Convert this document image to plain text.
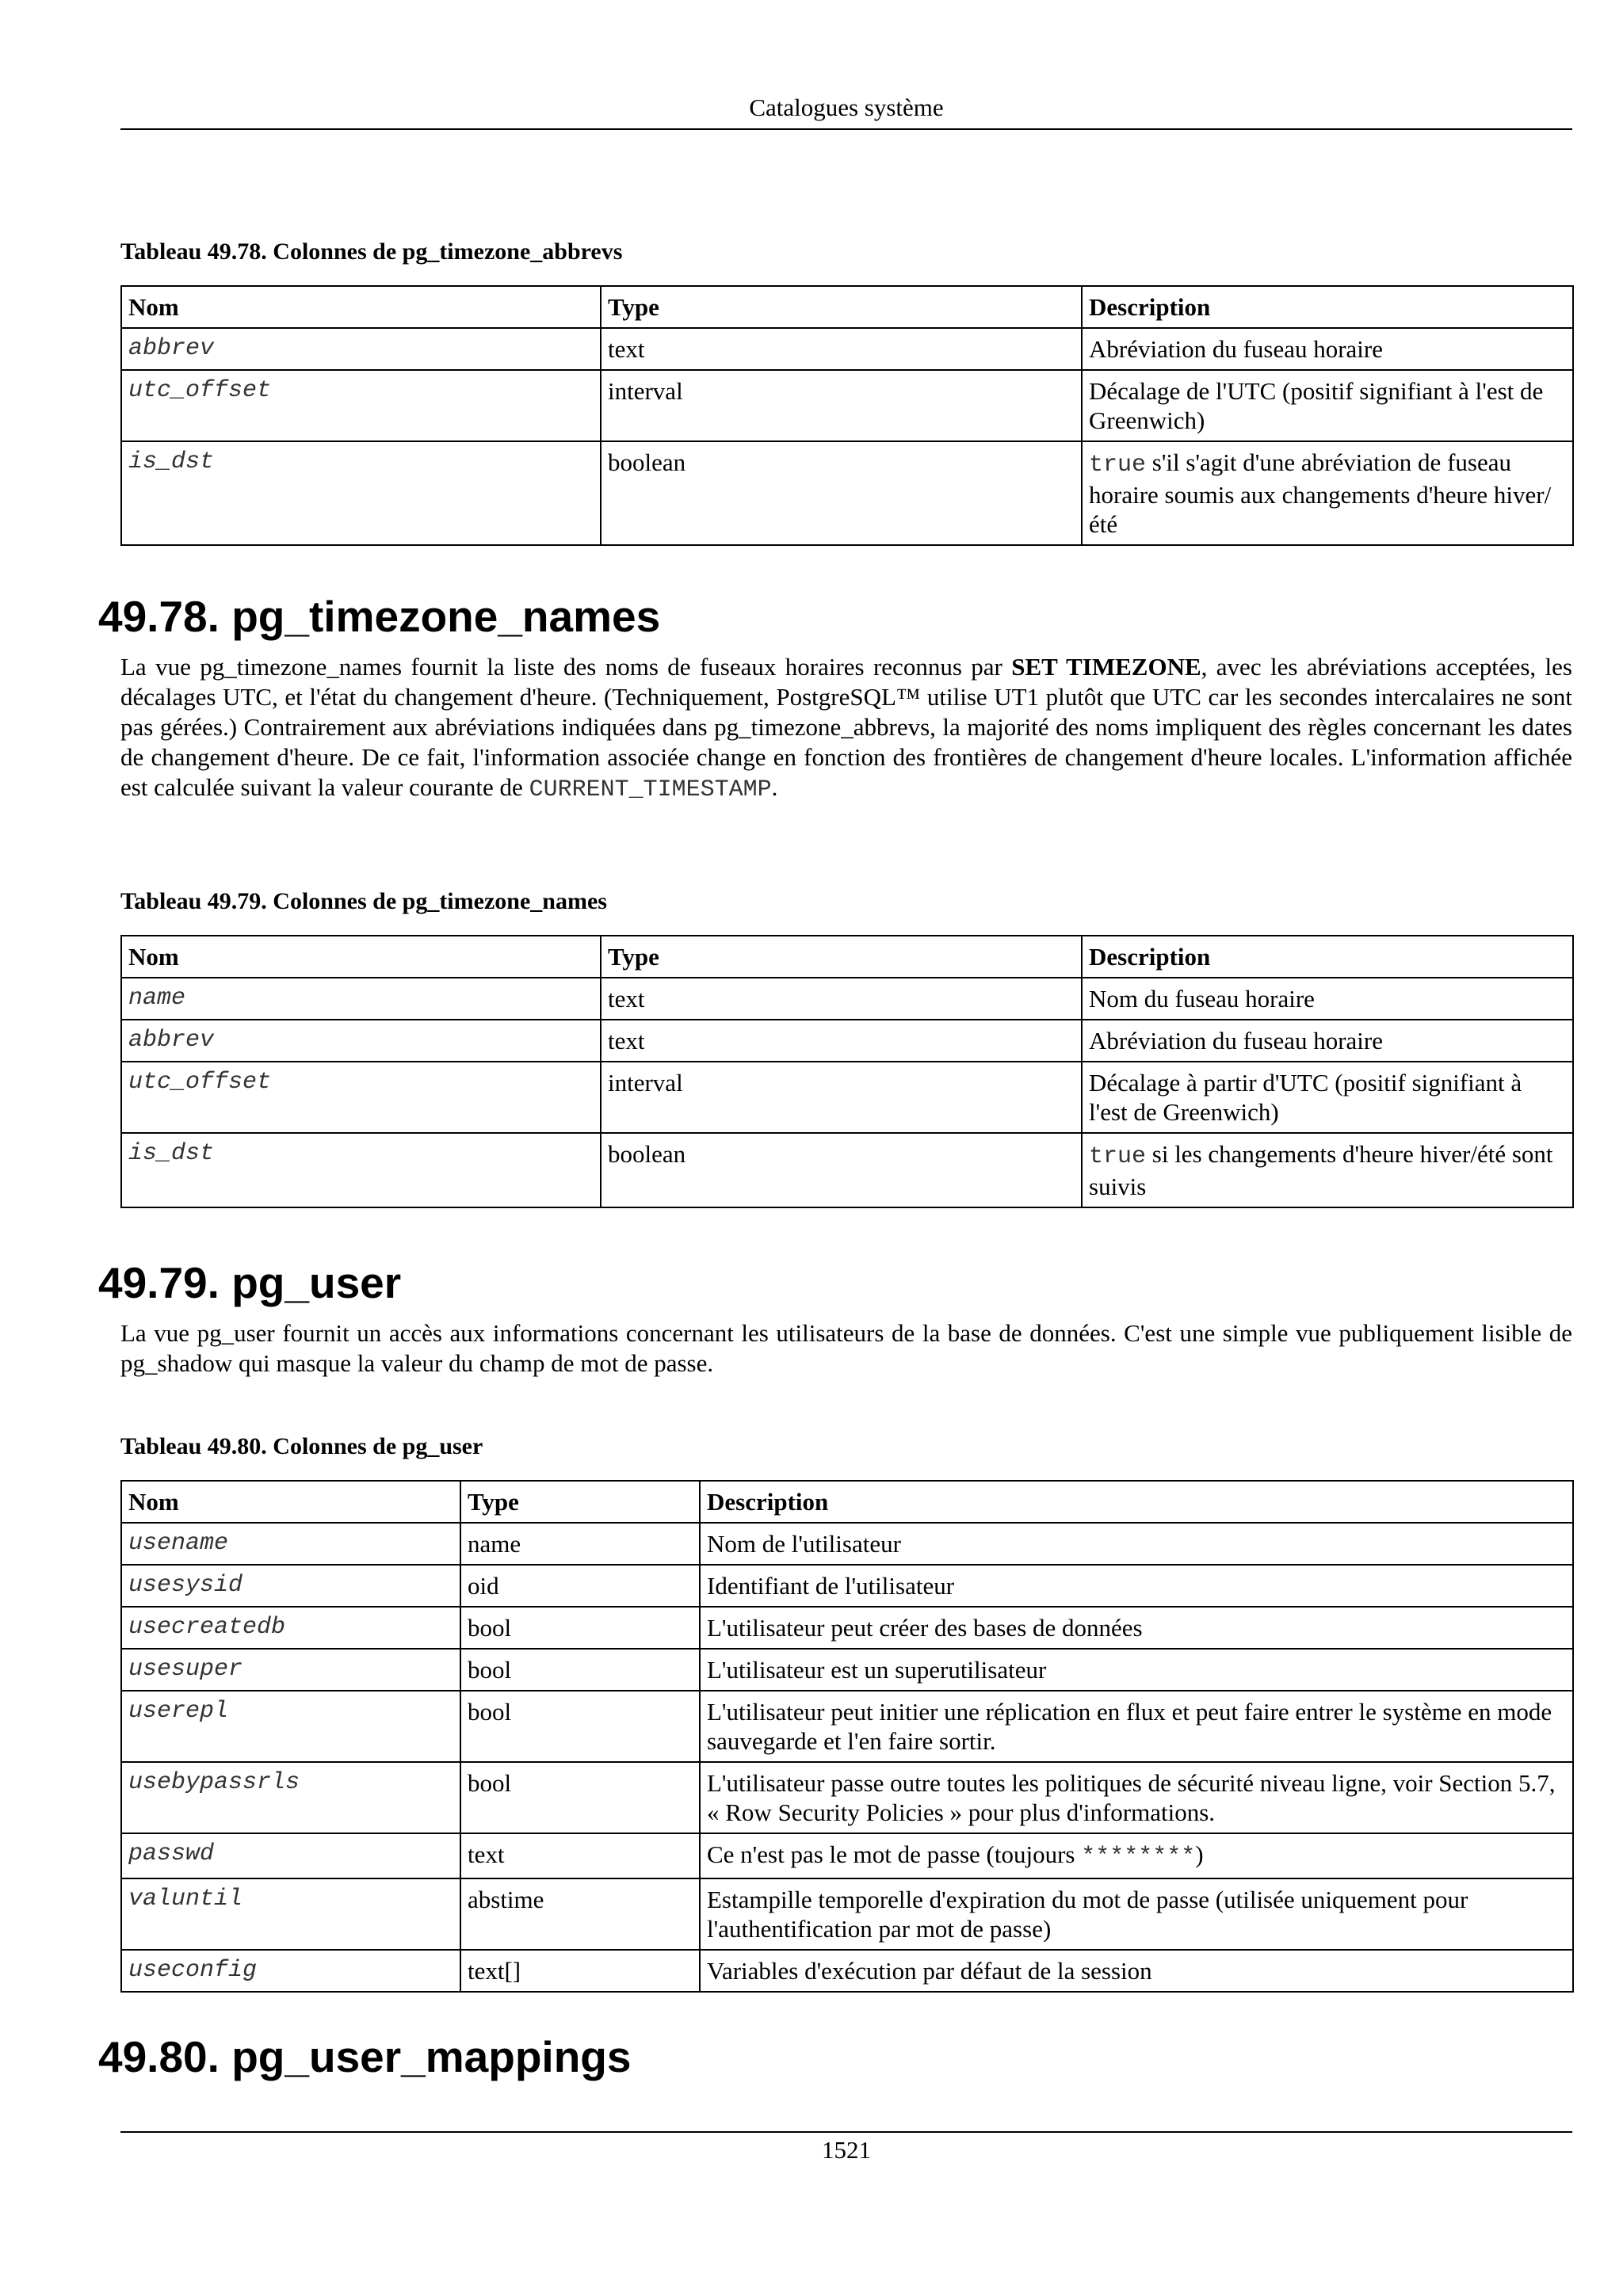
Catalogues système

Tableau 49.78. Colonnes de pg_timezone_abbrevs

Nom	Type	Description
abbrev	text	Abréviation du fuseau horaire
utc_offset	interval	Décalage de l'UTC (positif signifiant à l'est de Greenwich)
is_dst	boolean	true s'il s'agit d'une abréviation de fuseau horaire soumis aux changements d'heure hiver/été
49.78. pg_timezone_names

La vue pg_timezone_names fournit la liste des noms de fuseaux horaires reconnus par SET TIMEZONE, avec les abréviations acceptées, les décalages UTC, et l'état du changement d'heure. (Techniquement, PostgreSQL™ utilise UT1 plutôt que UTC car les secondes intercalaires ne sont pas gérées.) Contrairement aux abréviations indiquées dans pg_timezone_abbrevs, la majorité des noms impliquent des règles concernant les dates de changement d'heure. De ce fait, l'information associée change en fonction des frontières de changement d'heure locales. L'information affichée est calculée suivant la valeur courante de CURRENT_TIMESTAMP.

Tableau 49.79. Colonnes de pg_timezone_names

Nom	Type	Description
name	text	Nom du fuseau horaire
abbrev	text	Abréviation du fuseau horaire
utc_offset	interval	Décalage à partir d'UTC (positif signifiant à l'est de Greenwich)
is_dst	boolean	true si les changements d'heure hiver/été sont suivis
49.79. pg_user

La vue pg_user fournit un accès aux informations concernant les utilisateurs de la base de données. C'est une simple vue publiquement lisible de pg_shadow qui masque la valeur du champ de mot de passe.

Tableau 49.80. Colonnes de pg_user

Nom	Type	Description
usename	name	Nom de l'utilisateur
usesysid	oid	Identifiant de l'utilisateur
usecreatedb	bool	L'utilisateur peut créer des bases de données
usesuper	bool	L'utilisateur est un superutilisateur
userepl	bool	L'utilisateur peut initier une réplication en flux et peut faire entrer le système en mode sauvegarde et l'en faire sortir.
usebypassrls	bool	L'utilisateur passe outre toutes les politiques de sécurité niveau ligne, voir Section 5.7, « Row Security Policies » pour plus d'informations.
passwd	text	Ce n'est pas le mot de passe (toujours ********)
valuntil	abstime	Estampille temporelle d'expiration du mot de passe (utilisée uniquement pour l'authentification par mot de passe)
useconfig	text[]	Variables d'exécution par défaut de la session
49.80. pg_user_mappings
1521
